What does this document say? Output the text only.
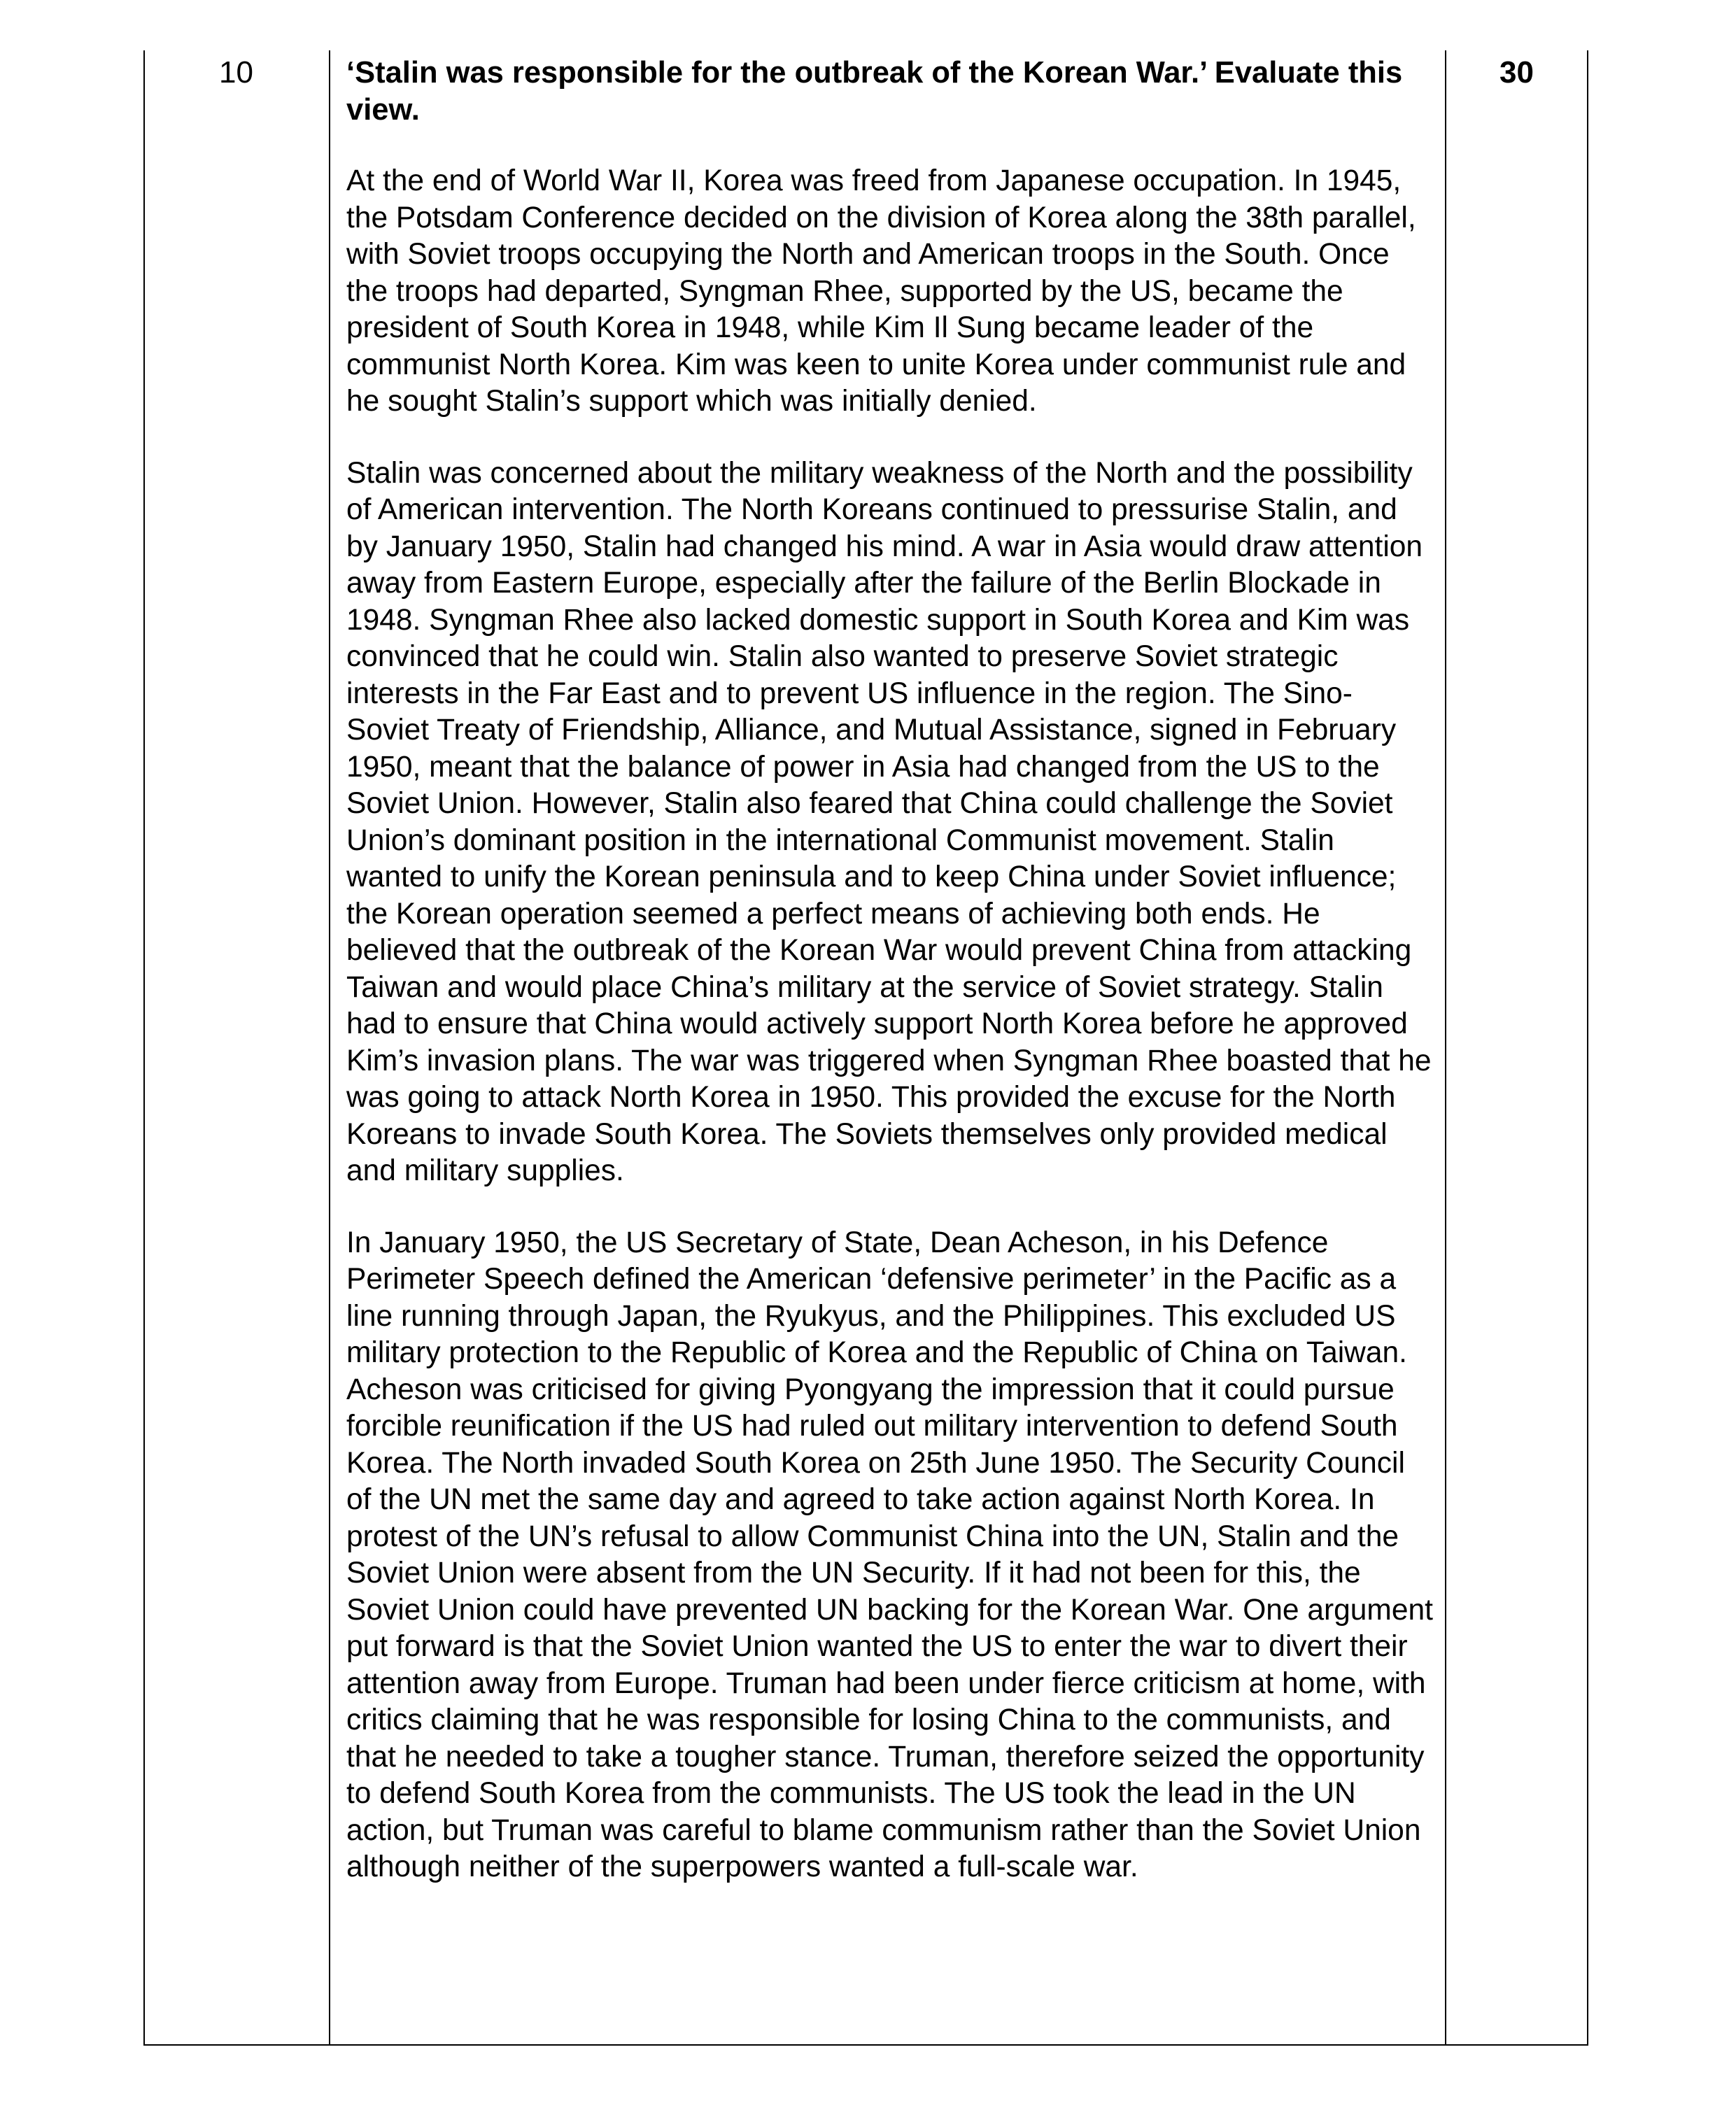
10	‘Stalin was responsible for the outbreak of the Korean War.’ Evaluate this view.

At the end of World War II, Korea was freed from Japanese occupation. In 1945, the Potsdam Conference decided on the division of Korea along the 38th parallel, with Soviet troops occupying the North and American troops in the South. Once the troops had departed, Syngman Rhee, supported by the US, became the president of South Korea in 1948, while Kim Il Sung became leader of the communist North Korea. Kim was keen to unite Korea under communist rule and he sought Stalin’s support which was initially denied.

Stalin was concerned about the military weakness of the North and the possibility of American intervention. The North Koreans continued to pressurise Stalin, and by January 1950, Stalin had changed his mind. A war in Asia would draw attention away from Eastern Europe, especially after the failure of the Berlin Blockade in 1948. Syngman Rhee also lacked domestic support in South Korea and Kim was convinced that he could win. Stalin also wanted to preserve Soviet strategic interests in the Far East and to prevent US influence in the region. The Sino-Soviet Treaty of Friendship, Alliance, and Mutual Assistance, signed in February 1950, meant that the balance of power in Asia had changed from the US to the Soviet Union. However, Stalin also feared that China could challenge the Soviet Union’s dominant position in the international Communist movement. Stalin wanted to unify the Korean peninsula and to keep China under Soviet influence; the Korean operation seemed a perfect means of achieving both ends. He believed that the outbreak of the Korean War would prevent China from attacking Taiwan and would place China’s military at the service of Soviet strategy. Stalin had to ensure that China would actively support North Korea before he approved Kim’s invasion plans. The war was triggered when Syngman Rhee boasted that he was going to attack North Korea in 1950. This provided the excuse for the North Koreans to invade South Korea. The Soviets themselves only provided medical and military supplies.

In January 1950, the US Secretary of State, Dean Acheson, in his Defence Perimeter Speech defined the American ‘defensive perimeter’ in the Pacific as a line running through Japan, the Ryukyus, and the Philippines. This excluded US military protection to the Republic of Korea and the Republic of China on Taiwan. Acheson was criticised for giving Pyongyang the impression that it could pursue forcible reunification if the US had ruled out military intervention to defend South Korea. The North invaded South Korea on 25th June 1950. The Security Council of the UN met the same day and agreed to take action against North Korea. In protest of the UN’s refusal to allow Communist China into the UN, Stalin and the Soviet Union were absent from the UN Security. If it had not been for this, the Soviet Union could have prevented UN backing for the Korean War. One argument put forward is that the Soviet Union wanted the US to enter the war to divert their attention away from Europe. Truman had been under fierce criticism at home, with critics claiming that he was responsible for losing China to the communists, and that he needed to take a tougher stance. Truman, therefore seized the opportunity to defend South Korea from the communists. The US took the lead in the UN action, but Truman was careful to blame communism rather than the Soviet Union although neither of the superpowers wanted a full-scale war.

30
